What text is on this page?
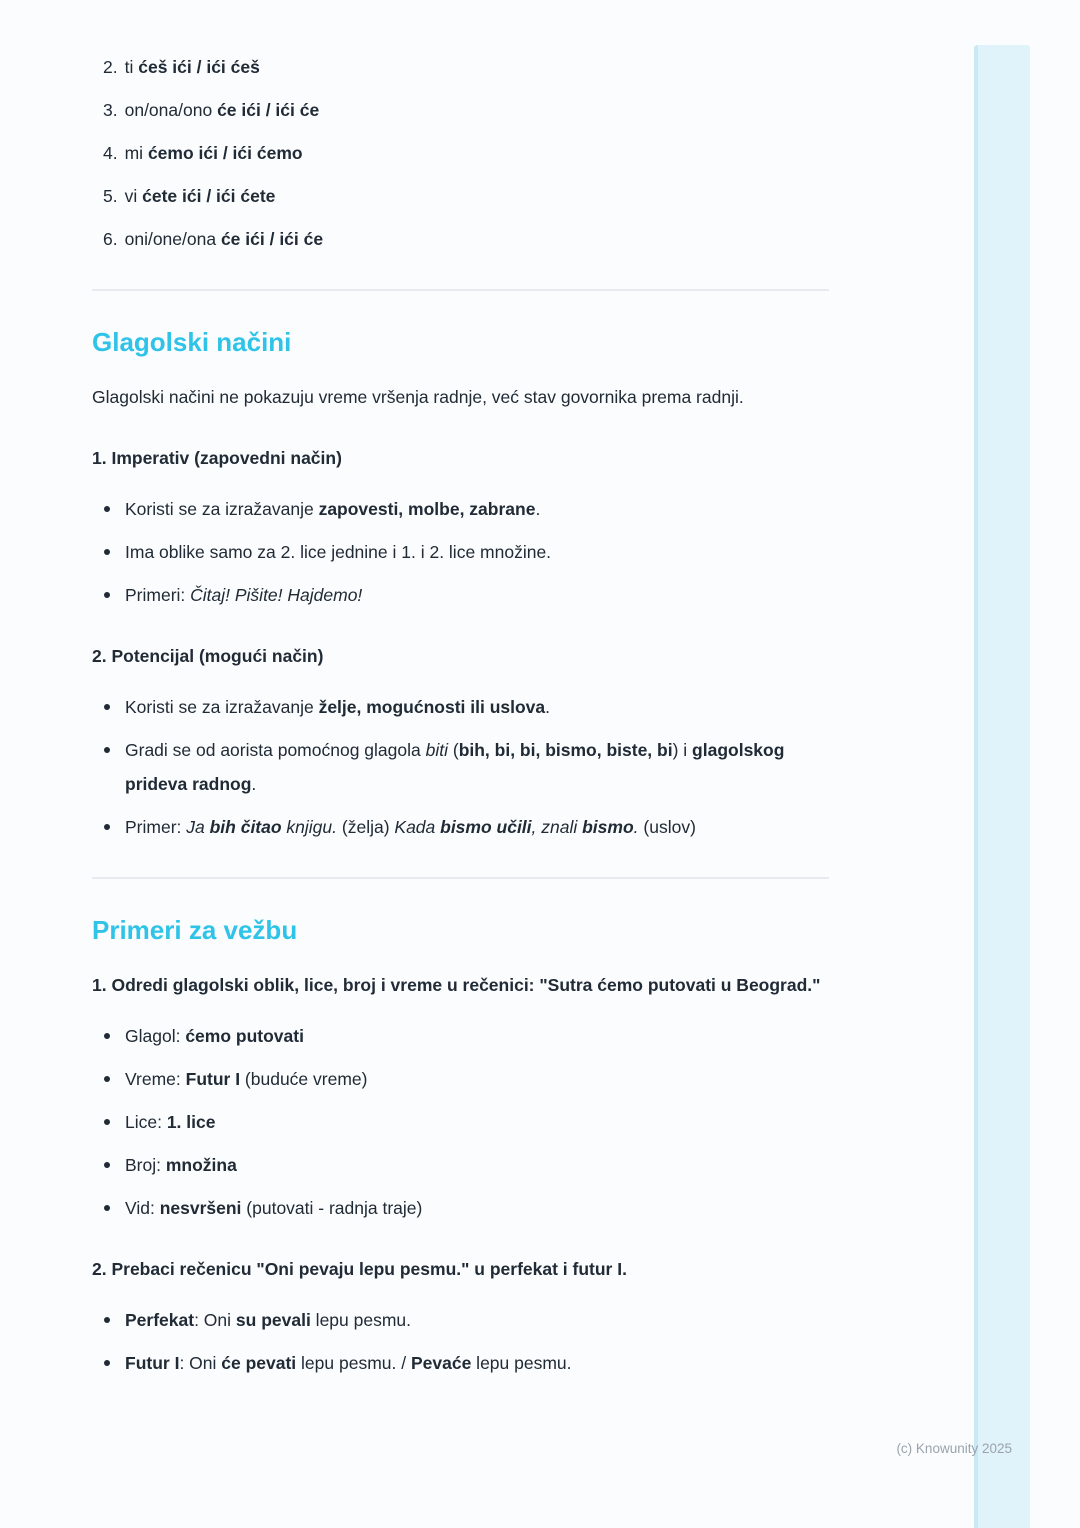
2. ti ćeš ići / ići ćeš
3. on/ona/ono će ići / ići će
4. mi ćemo ići / ići ćemo
5. vi ćete ići / ići ćete
6. oni/one/ona će ići / ići će
Glagolski načini

Glagolski načini ne pokazuju vreme vršenja radnje, već stav govornika prema radnji.

1. Imperativ (zapovedni način)
Koristi se za izražavanje zapovesti, molbe, zabrane.
Ima oblike samo za 2. lice jednine i 1. i 2. lice množine.
Primeri: Čitaj! Pišite! Hajdemo!
2. Potencijal (mogući način)
Koristi se za izražavanje želje, mogućnosti ili uslova.
Gradi se od aorista pomoćnog glagola biti (bih, bi, bi, bismo, biste, bi) i glagolskog prideva radnog.
Primer: Ja bih čitao knjigu. (želja) Kada bismo učili, znali bismo. (uslov)
Primeri za vežbu

1. Odredi glagolski oblik, lice, broj i vreme u rečenici: "Sutra ćemo putovati u Beograd."

Glagol: ćemo putovati
Vreme: Futur I (buduće vreme)
Lice: 1. lice
Broj: množina
Vid: nesvršeni (putovati - radnja traje)
2. Prebaci rečenicu "Oni pevaju lepu pesmu." u perfekat i futur I.
Perfekat: Oni su pevali lepu pesmu.
Futur I: Oni će pevati lepu pesmu. / Pevaće lepu pesmu.
(c) Knowunity 2025
